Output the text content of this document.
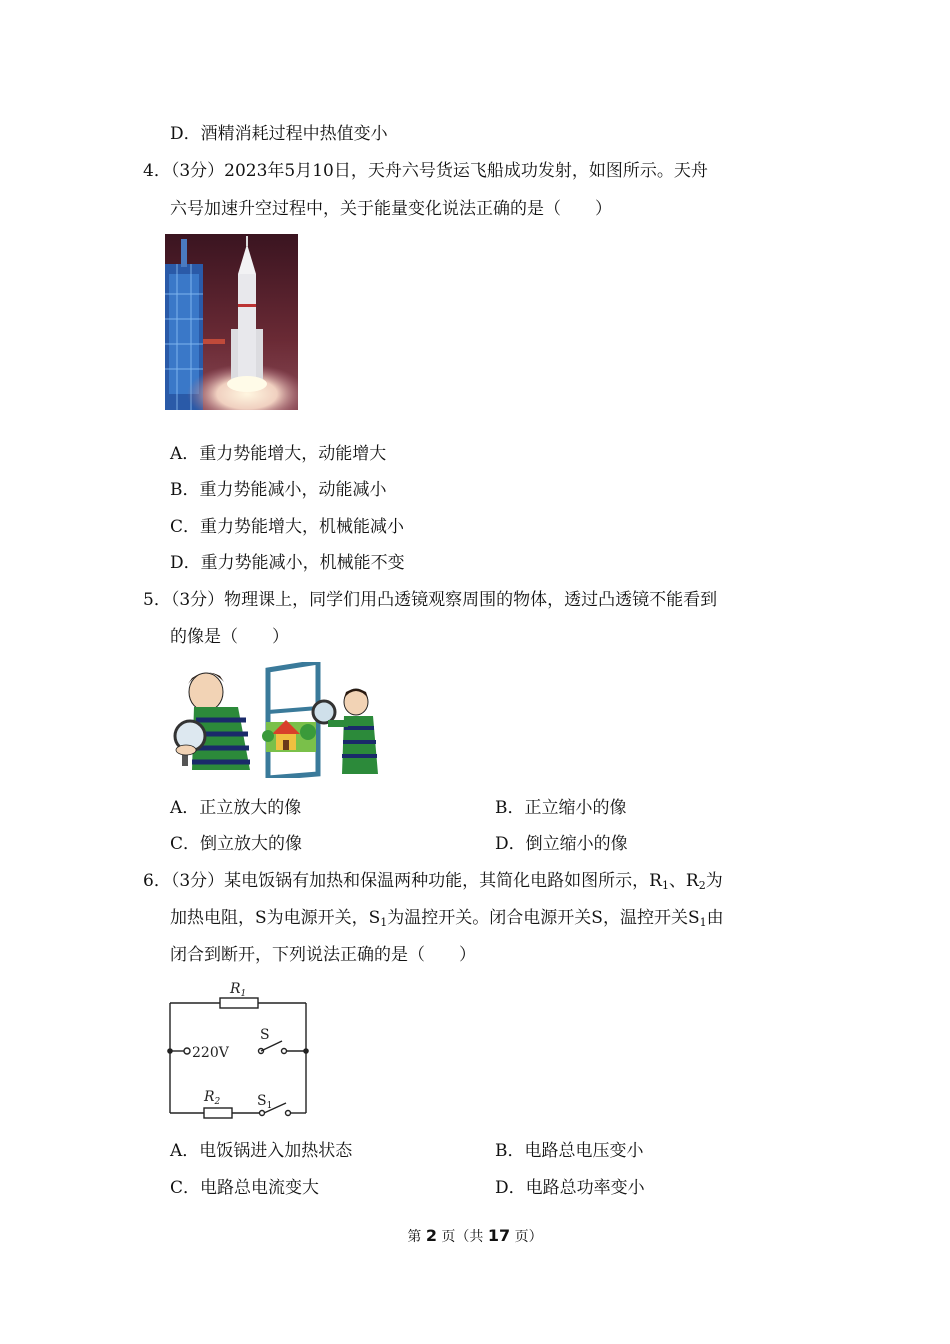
D．酒精消耗过程中热值变小
4．（3分）2023年5月10日，天舟六号货运飞船成功发射，如图所示。天舟
六号加速升空过程中，关于能量变化说法正确的是（　　）
A．重力势能增大，动能增大
B．重力势能减小，动能减小
C．重力势能增大，机械能减小
D．重力势能减小，机械能不变
5．（3分）物理课上，同学们用凸透镜观察周围的物体，透过凸透镜不能看到
的像是（　　）
A．正立放大的像	B．正立缩小的像
C．倒立放大的像	D．倒立缩小的像
6．（3分）某电饭锅有加热和保温两种功能，其简化电路如图所示，$R_1$、$R_2$为
加热电阻，S为电源开关，$S_1$为温控开关。闭合电源开关S，温控开关$S_1$由
闭合到断开，下列说法正确的是（　　）
$R_1$
220V
S
$R_2$	$S_1$
A．电饭锅进入加热状态	B．电路总电压变小
C．电路总电流变大	D．电路总功率变小
第 2 页（共 17 页）
